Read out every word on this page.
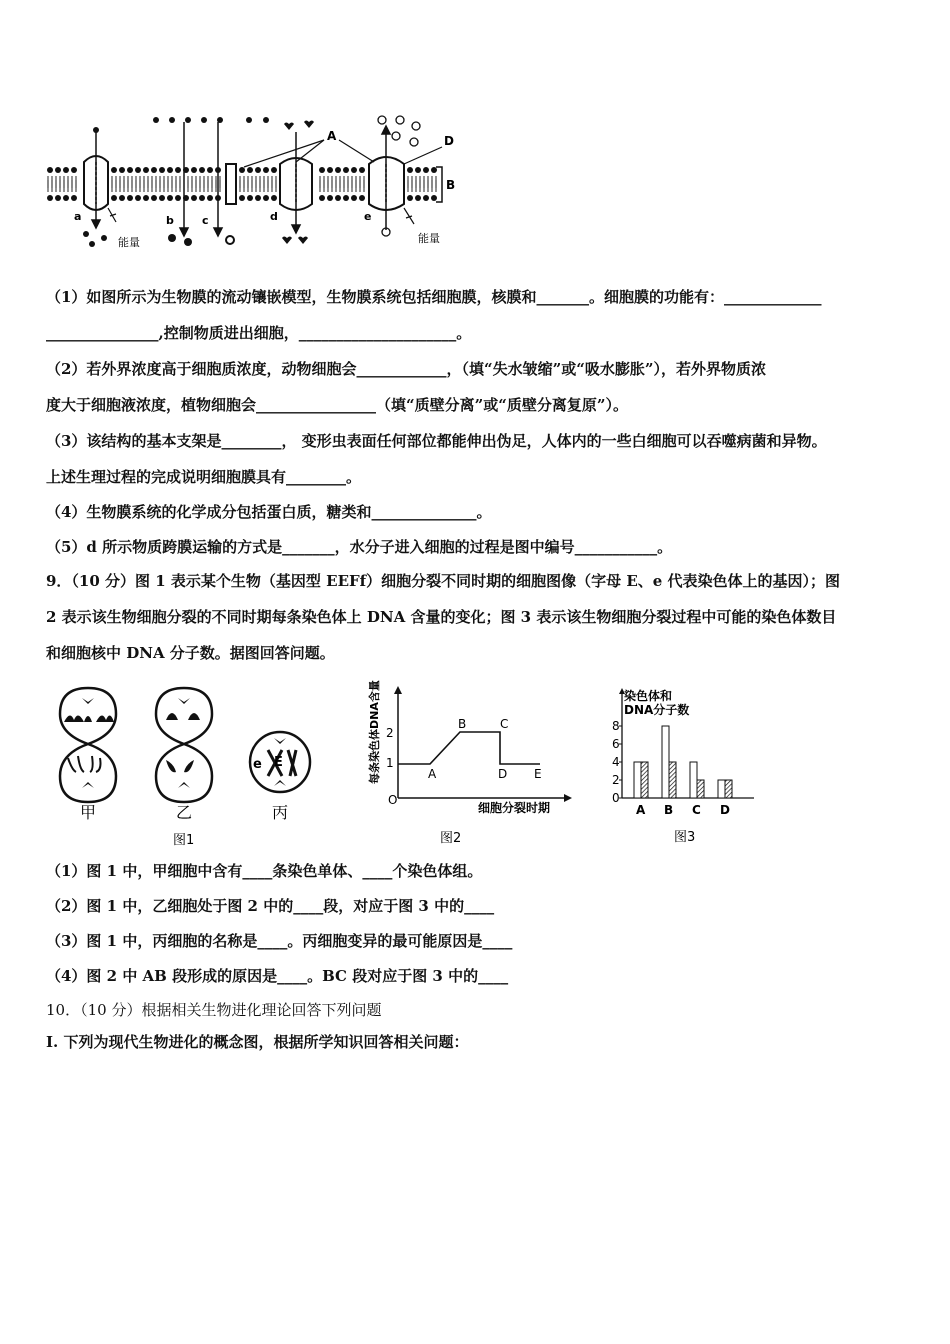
B
A	D
a	b	c	d	e
能量	能量
（1）如图所示为生物膜的流动镶嵌模型，生物膜系统包括细胞膜，核膜和_______。细胞膜的功能有：_____________
_______________,控制物质进出细胞，_____________________。
（2）若外界浓度高于细胞质浓度，动物细胞会____________，（填“失水皱缩”或“吸水膨胀”），若外界物质浓
度大于细胞液浓度，植物细胞会________________（填“质壁分离”或“质壁分离复原”）。
（3）该结构的基本支架是________， 变形虫表面任何部位都能伸出伪足，人体内的一些白细胞可以吞噬病菌和异物。
上述生理过程的完成说明细胞膜具有________。
（4）生物膜系统的化学成分包括蛋白质，糖类和______________。
（5）d 所示物质跨膜运输的方式是_______，水分子进入细胞的过程是图中编号___________。
9．（10 分）图 1 表示某个生物（基因型 EEFf）细胞分裂不同时期的细胞图像（字母 E、e 代表染色体上的基因）；图
2 表示该生物细胞分裂的不同时期每条染色体上 DNA 含量的变化；图 3 表示该生物细胞分裂过程中可能的染色体数目
和细胞核中 DNA 分子数。据图回答问题。
e E
甲	乙	丙
图1
每条染色体DNA含量
O
2
1
A
B	C
D E
细胞分裂时期
图2
染色体和
DNA分子数
0
2
4
6
8
A B C D
图3
（1）图 1 中，甲细胞中含有____条染色单体、____个染色体组。
（2）图 1 中，乙细胞处于图 2 中的____段，对应于图 3 中的____
（3）图 1 中，丙细胞的名称是____。丙细胞变异的最可能原因是____
（4）图 2 中 AB 段形成的原因是____。BC 段对应于图 3 中的____
10．（10 分）根据相关生物进化理论回答下列问题
I. 下列为现代生物进化的概念图，根据所学知识回答相关问题：
